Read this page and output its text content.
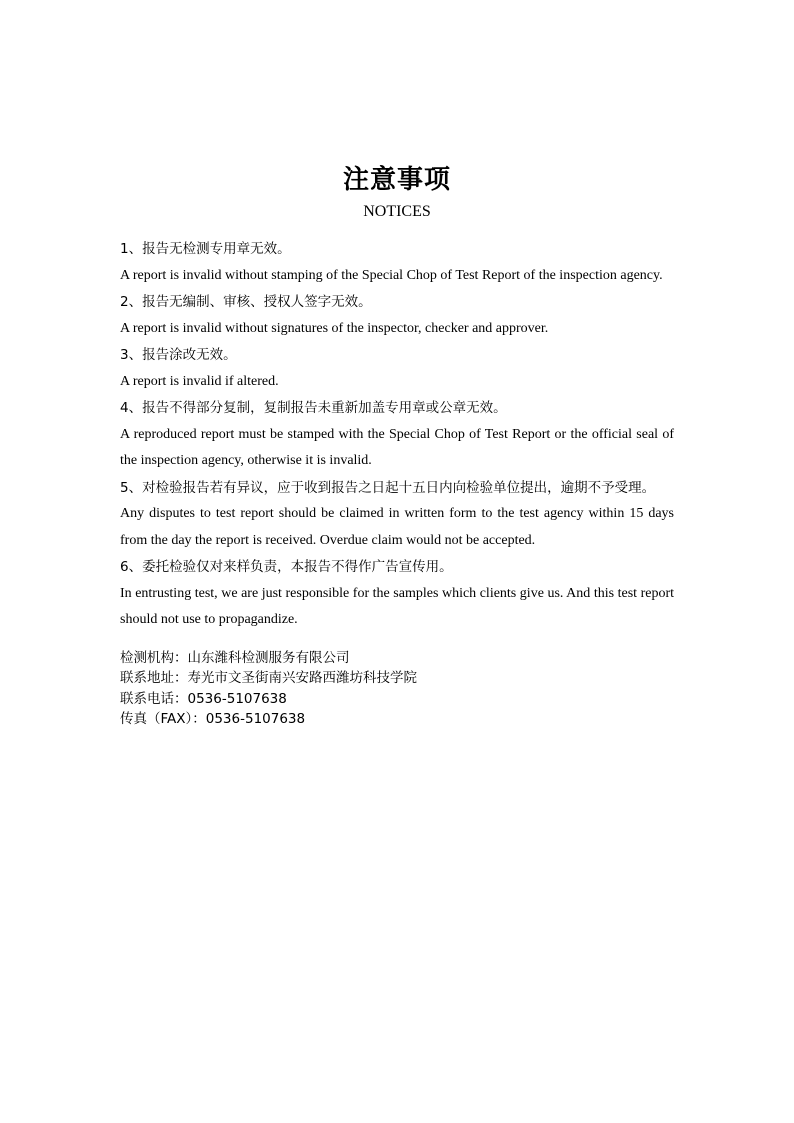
注意事项

NOTICES

1、报告无检测专用章无效。

A report is invalid without stamping of the Special Chop of Test Report of the inspection agency.

2、报告无编制、审核、授权人签字无效。

A report is invalid without signatures of the inspector, checker and approver.

3、报告涂改无效。

A report is invalid if altered.

4、报告不得部分复制，复制报告未重新加盖专用章或公章无效。

A reproduced report must be stamped with the Special Chop of Test Report or the official seal of the inspection agency, otherwise it is invalid.

5、对检验报告若有异议，应于收到报告之日起十五日内向检验单位提出，逾期不予受理。

Any disputes to test report should be claimed in written form to the test agency within 15 days from the day the report is received. Overdue claim would not be accepted.

6、委托检验仅对来样负责，本报告不得作广告宣传用。

In entrusting test, we are just responsible for the samples which clients give us. And this test report should not use to propagandize.

检测机构：山东潍科检测服务有限公司

联系地址：寿光市文圣街南兴安路西潍坊科技学院

联系电话：0536-5107638

传真（FAX）：0536-5107638
